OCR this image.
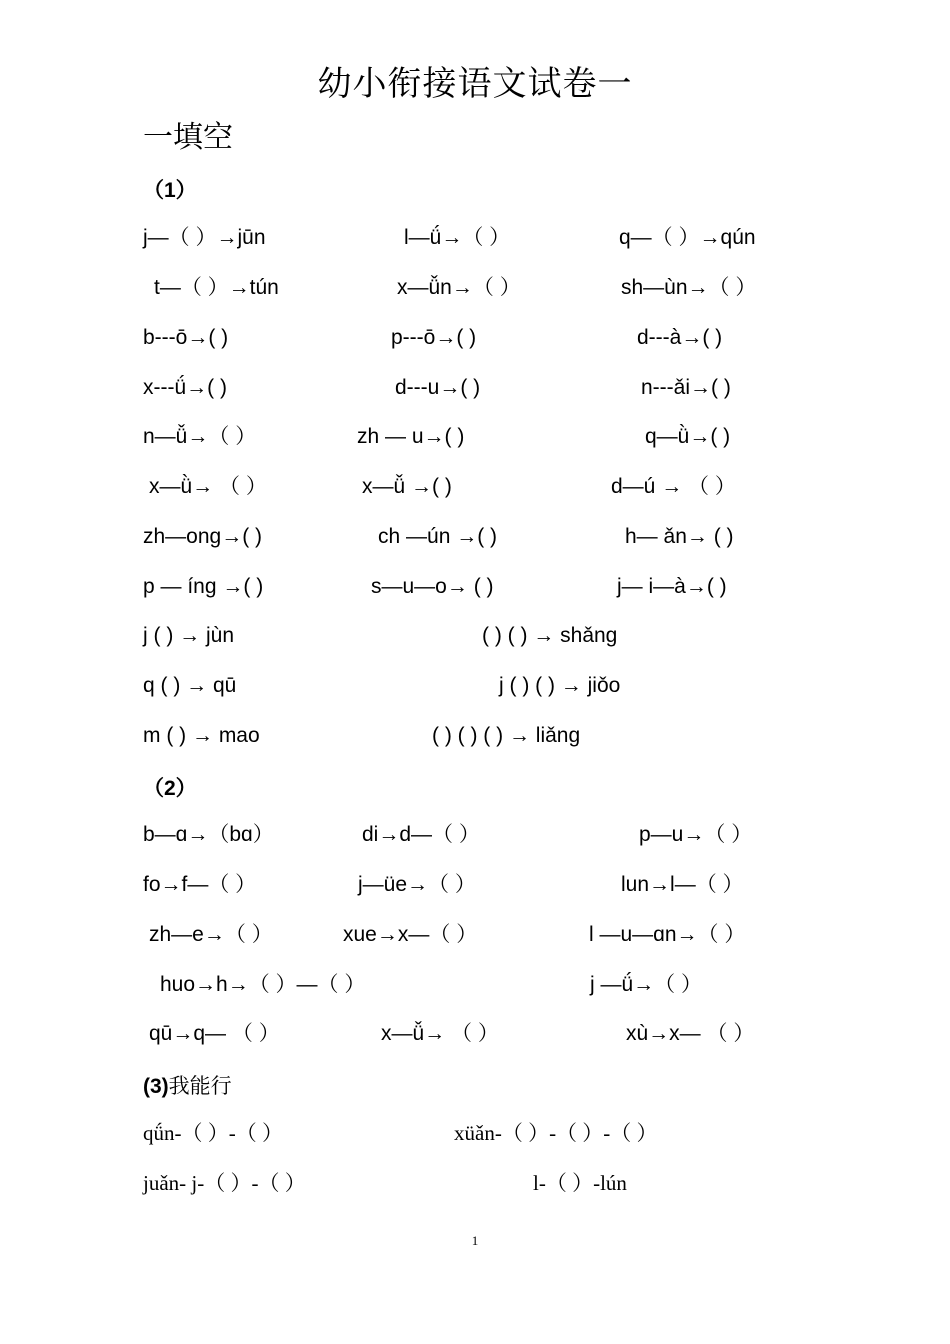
幼小衔接语文试卷一
一填空
（1）
j—（ ）→jūn	l—ǘ→（ ）	q—（ ）→qún
t—（ ）→tún	x—ǚn→（ ）	sh—ùn→（ ）
b---ō→( )	p---ō→( )	d---à→( )
x---ǘ→( )	d---u→( )	n---ǎi→( )
n—ǚ→（ ）	zh — u→( )	q—ǜ→( )
x—ǜ→ （ ）	x—ǚ →( )	d—ú → （ ）
zh—ong→( )	ch —ún →( )	h— ǎn→ ( )
p — íng →( )	s—u—o→ ( )	j— i—à→( )
j ( ) → jùn	( ) ( ) → shǎng
q ( ) → qū	j ( ) ( ) → jiǒo
m ( ) → mao	( ) ( ) ( ) → liǎng
（2）
b—ɑ→（bɑ）	di→d—（ ）	p—u→（ ）
fo→f—（ ）	j—üe→（ ）	lun→l—（ ）
zh—e→（ ）	xue→x—（ ）	l —u—ɑn→（ ）
huo→h→（ ）—（ ）	j —ǘ→（ ）
qū→q— （ ）	x—ǚ→ （ ）	xù→x— （ ）
(3)我能行
qǘn-（ ）-（ ）	xüǎn-（ ）-（ ）-（ ）
juǎn- j-（ ）-（ ）	l-（ ）-lún
1
